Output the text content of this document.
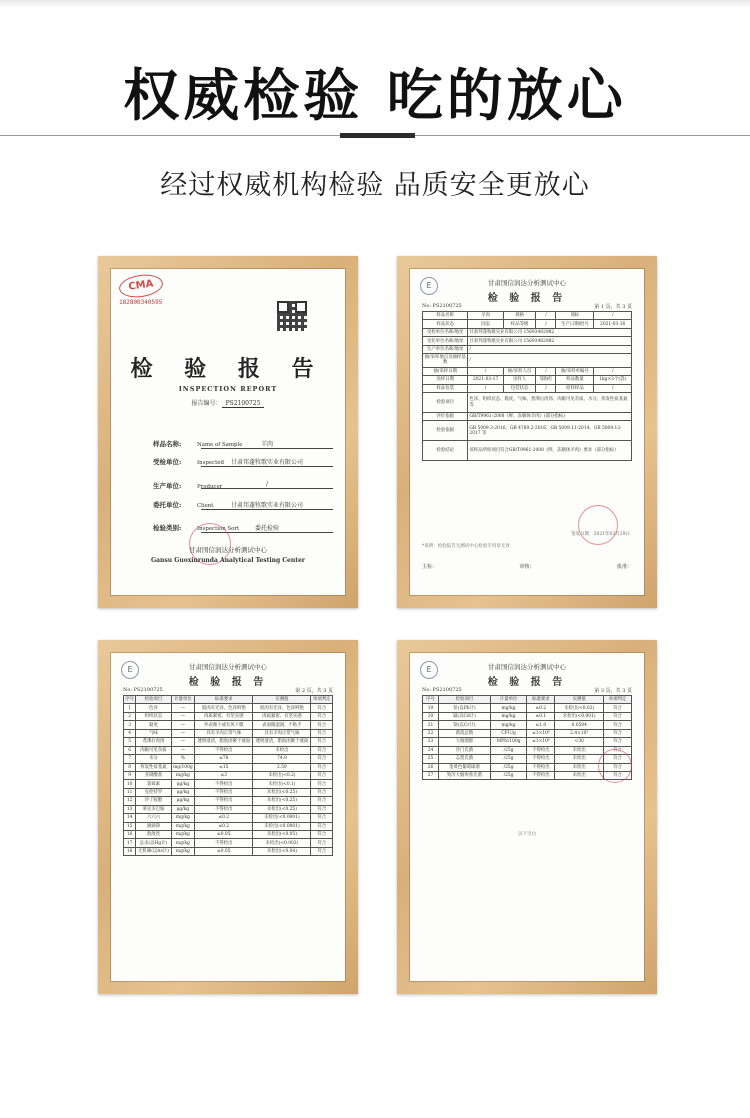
权威检验 吃的放心
经过权威机构检验 品质安全更放心
CMA
182800340595
检 验 报 告
INSPECTION REPORT
报告编号： PS2100725
样品名称:	Name of Sample	羊肉
受检单位:	Inspected	甘肃邦蓬牧歌实业有限公司
生产单位:	Producer	/
委托单位:	Client	甘肃邦蓬牧歌实业有限公司
检验类别:	Inspection Sort	委托检验
甘肃国信润达分析测试中心
Gansu Guoxinrunda Analytical Testing Center
E	甘肃国信润达分析测试中心
检 验 报 告
No: PS2100725	第 1 页，共 3 页
样品名称	羊肉	规格	/	商标	/
样品状态	固态	样品等级	/	生产日期/批号	2021-03-16
受检单位名称/地址	甘肃邦蓬牧歌实业有限公司 15693482982				
受托单位名称/地址	甘肃邦蓬牧歌实业有限公司 15693482982				
生产单位名称/地址	/				
抽/采样地点及抽样基数	/				
抽/采样日期	/	抽/采样人员	/	抽/采样单编号	/
送样日期	2021-03-17	送样人	邹海红	样品数量	1kg×3个(袋)
样品包装	/	包装状态	/	原样样品	/
检验项目	色泽、组织状态、黏度、气味、煮沸后肉汤、肉眼可见杂质、水分、挥发性盐基氮等				
评价依据	GB/T9961-2008《鲜、冻胴体羊肉》(部分指标)				
检验依据	GB 5009.3-2016、GB 4789.2-2016、GB 5009.11-2014、GB 5009.12-2017 等				
检验结论	该样品所检项目符合GB/T9961-2008《鲜、冻胴体羊肉》要求（部分指标）				
签发日期：2021年03月29日
*说明：检验报告无测试中心检验专用章无效
主检：	审核：	批准：
E	甘肃国信润达分析测试中心
检 验 报 告
No: PS2100725	第 2 页，共 3 页
序号	检验项目	计量单位	标准要求	实测值	单项判定
1	色泽	—	肌肉有光泽，色泽鲜艳	肌肉有光泽，色泽鲜艳	符合
2	组织状态	—	肉质紧密，有坚实感	肉质紧密，有坚实感	符合
3	黏度	—	外表微干或有风干膜	表面微湿润，不粘手	符合
4	气味	—	具有羊肉正常气味	具有羊肉正常气味	符合
5	煮沸后肉汤	—	透明澄清，脂肪团聚于液面	透明澄清，脂肪团聚于液面	符合
6	肉眼可见杂质	—	不得检出	未检出	符合
7	水分	%	≤78	74.9	符合
8	挥发性盐基氮	mg/100g	≤15	2.59	符合
9	亚硝酸盐	mg/kg	≤3	未检出(<0.2)	符合
10	氯霉素	μg/kg	不得检出	未检出(<0.1)	符合
11	克伦特罗	μg/kg	不得检出	未检出(<0.25)	符合
12	沙丁胺醇	μg/kg	不得检出	未检出(<0.25)	符合
13	莱克多巴胺	μg/kg	不得检出	未检出(<0.25)	符合
14	六六六	mg/kg	≤0.2	未检出(<0.0001)	符合
15	滴滴涕	mg/kg	≤0.2	未检出(<0.0001)	符合
16	敌敌畏	mg/kg	≤0.05	未检出(<0.05)	符合
17	总汞(以Hg计)	mg/kg	不得检出	未检出(<0.003)	符合
18	无机砷(以As计)	mg/kg	≤0.05	未检出(<0.04)	符合
E	甘肃国信润达分析测试中心
检 验 报 告
No: PS2100725	第 3 页，共 3 页
序号	检验项目	计量单位	标准要求	实测值	单项判定
19	铅(以Pb计)	mg/kg	≤0.2	未检出(<0.02)	符合
20	镉(以Cd计)	mg/kg	≤0.1	未检出(<0.001)	符合
21	铬(以Cr计)	mg/kg	≤1.0	0.0594	符合
22	菌落总数	CFU/g	≤1×10⁶	2.4×10³	符合
23	大肠菌群	MPN/100g	≤1×10⁴	<30	符合
24	沙门氏菌	/25g	不得检出	未检出	符合
25	志贺氏菌	/25g	不得检出	未检出	符合
26	金黄色葡萄球菌	/25g	不得检出	未检出	符合
27	致泻大肠埃希氏菌	/25g	不得检出	未检出	符合
以下空白
